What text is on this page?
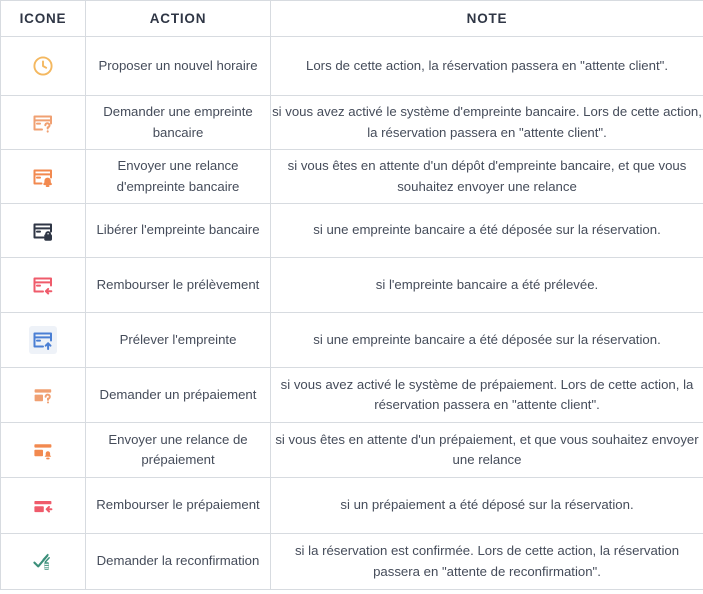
ICONE	ACTION	NOTE

	Proposer un nouvel horaire	Lors de cette action, la réservation passera en "attente client".

	Demander une empreinte bancaire	si vous avez activé le système d'empreinte bancaire. Lors de cette action, la réservation passera en "attente client".

	Envoyer une relance d'empreinte bancaire	si vous êtes en attente d'un dépôt d'empreinte bancaire, et que vous souhaitez envoyer une relance

	Libérer l'empreinte bancaire	si une empreinte bancaire a été déposée sur la réservation.

	Rembourser le prélèvement	si l'empreinte bancaire a été prélevée.

	Prélever l'empreinte	si une empreinte bancaire a été déposée sur la réservation.

	Demander un prépaiement	si vous avez activé le système de prépaiement. Lors de cette action, la réservation passera en "attente client".

	Envoyer une relance de prépaiement	si vous êtes en attente d'un prépaiement, et que vous souhaitez envoyer une relance

	Rembourser le prépaiement	si un prépaiement a été déposé sur la réservation.

	Demander la reconfirmation	si la réservation est confirmée. Lors de cette action, la réservation passera en "attente de reconfirmation".
